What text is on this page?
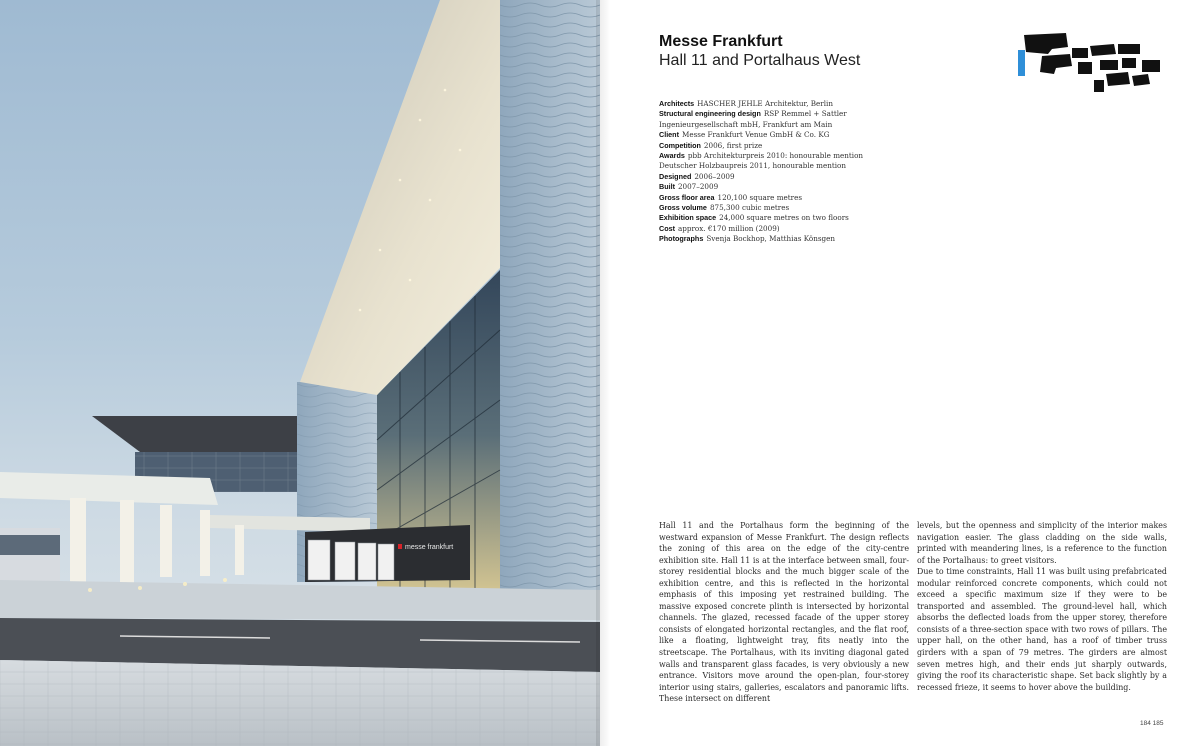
messe frankfurt
Messe Frankfurt
Hall 11 and Portalhaus West
Architects HASCHER JEHLE Architektur, Berlin
Structural engineering design RSP Remmel + Sattler
Ingenieurgesellschaft mbH, Frankfurt am Main
Client Messe Frankfurt Venue GmbH & Co. KG
Competition 2006, first prize
Awards pbb Architekturpreis 2010: honourable mention
Deutscher Holzbaupreis 2011, honourable mention
Designed 2006–2009
Built 2007–2009
Gross floor area 120,100 square metres
Gross volume 875,300 cubic metres
Exhibition space 24,000 square metres on two floors
Cost approx. €170 million (2009)
Photographs Svenja Bockhop, Matthias Könsgen

Hall 11 and the Portalhaus form the beginning of the westward expansion of Messe Frankfurt. The design reflects the zoning of this area on the edge of the city-centre exhibition site. Hall 11 is at the interface between small, four-storey residential blocks and the much bigger scale of the exhibition centre, and this is reflected in the horizontal emphasis of this imposing yet restrained building. The massive exposed concrete plinth is intersected by horizontal channels. The glazed, recessed facade of the upper storey consists of elongated horizontal rectangles, and the flat roof, like a floating, lightweight tray, fits neatly into the streetscape. The Portalhaus, with its inviting diagonal gated walls and transparent glass facades, is very obviously a new entrance. Visitors move around the open-plan, four-storey interior using stairs, galleries, escalators and panoramic lifts. These intersect on different

levels, but the openness and simplicity of the interior makes navigation easier. The glass cladding on the side walls, printed with meandering lines, is a reference to the function of the Portalhaus: to greet visitors.

Due to time constraints, Hall 11 was built using prefabricated modular reinforced concrete components, which could not exceed a specific maximum size if they were to be transported and assembled. The ground-level hall, which absorbs the deflected loads from the upper storey, therefore consists of a three-section space with two rows of pillars. The upper hall, on the other hand, has a roof of timber truss girders with a span of 79 metres. The girders are almost seven metres high, and their ends jut sharply outwards, giving the roof its characteristic shape. Set back slightly by a recessed frieze, it seems to hover above the building.

184 185
